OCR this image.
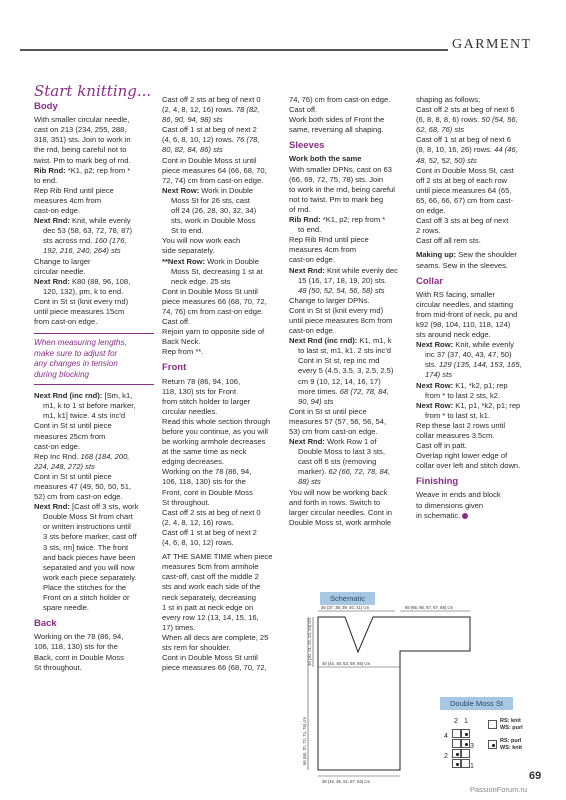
GARMENT
Start knitting...
Body

With smaller circular needle,

cast on 213 (234, 255, 288,

318, 351) sts. Join to work in

the rnd, being careful not to

twist. Pm to mark beg of rnd.

Rib Rnd: *K1, p2; rep from *

to end.

Rep Rib Rnd until piece

measures 4cm from

cast-on edge.

Next Rnd: Knit, while evenly

dec 53 (58, 63, 72, 78, 87)

sts across rnd. 160 (176,

192, 216, 240, 264) sts

Change to larger

circular needle.

Next Rnd: K80 (88, 96, 108,

120, 132), pm, k to end.

Cont in St st (knit every rnd)

until piece measures 15cm

from cast-on edge.

When measuring lengths,
make sure to adjust for
any changes in tension
during blocking

Next Rnd (inc rnd): [Sm, k1,

m1, k to 1 st before marker,

m1, k1] twice. 4 sts inc'd

Cont in St st until piece

measures 25cm from

cast-on edge.

Rep Inc Rnd. 168 (184, 200,

224, 248, 272) sts

Cont in St st until piece

measures 47 (49, 50, 50, 51,

52) cm from cast-on edge.

Next Rnd: [Cast off 3 sts, work

Double Moss St from chart

or written instructions until

3 sts before marker, cast off

3 sts, rm] twice. The front

and back pieces have been

separated and you will now

work each piece separately.

Place the stitches for the

Front on a stitch holder or

spare needle.

Back

Working on the 78 (86, 94,

106, 118, 130) sts for the

Back, cont in Double Moss

St throughout.

Cast off 2 sts at beg of next 0

(2, 4, 8, 12, 16) rows. 78 (82,

86, 90, 94, 98) sts

Cast off 1 st at beg of next 2

(4, 6, 8, 10, 12) rows. 76 (78,

80, 82, 84, 86) sts

Cont in Double Moss st until

piece measures 64 (66, 68, 70,

72, 74) cm from cast-on edge.

Next Row: Work in Double

Moss St for 26 sts, cast

off 24 (26, 28, 30, 32, 34)

sts, work in Double Moss

St to end.

You will now work each

side separately.

**Next Row: Work in Double

Moss St, decreasing 1 st at

neck edge. 25 sts

Cont in Double Moss St until

piece measures 66 (68, 70, 72,

74, 76) cm from cast-on edge.

Cast off.

Rejoin yarn to opposite side of

Back Neck.

Rep from **.

Front

Return 78 (86, 94, 106,

118, 130) sts for Front

from stitch holder to larger

circular needles.

Read this whole section through

before you continue, as you will

be working armhole decreases

at the same time as neck

edging decreases.

Working on the 78 (86, 94,

106, 118, 130) sts for the

Front, cont in Double Moss

St throughout.

Cast off 2 sts at beg of next 0

(2, 4, 8, 12, 16) rows.

Cast off 1 st at beg of next 2

(4, 6, 8, 10, 12) rows.

AT THE SAME TIME when piece

measures 5cm from armhole

cast-off, cast off the middle 2

sts and work each side of the

neck separately, decreasing

1 st in patt at neck edge on

every row 12 (13, 14, 15, 16,

17) times.

When all decs are complete, 25

sts rem for shoulder.

Cont in Double Moss St until

piece measures 66 (68, 70, 72,

74, 76) cm from cast-on edge.

Cast off.

Work both sides of Front the

same, reversing all shaping.

Sleeves

Work both the same

With smaller DPNs, cast on 63

(66, 69, 72, 75, 78) sts. Join

to work in the rnd, being careful

not to twist. Pm to mark beg

of rnd.

Rib Rnd: *K1, p2; rep from *

to end.

Rep Rib Rnd until piece

measures 4cm from

cast-on edge.

Next Rnd: Knit while evenly dec

15 (16, 17, 18, 19, 20) sts.

48 (50, 52, 54, 56, 58) sts

Change to larger DPNs.

Cont in St st (knit every rnd)

until piece measures 8cm from

cast-on edge.

Next Rnd (inc rnd): K1, m1, k

to last st, m1, k1. 2 sts inc'd

Cont in St st, rep inc rnd

every 5 (4.5, 3.5, 3, 2.5, 2.5)

cm 9 (10, 12, 14, 16, 17)

more times. 68 (72, 78, 84,

90, 94) sts

Cont in St st until piece

measures 57 (57, 56, 56, 54,

53) cm from cast-on edge.

Next Rnd: Work Row 1 of

Double Moss to last 3 sts,

cast off 6 sts (removing

marker). 62 (66, 72, 78, 84,

88) sts

You will now be working back

and forth in rows. Switch to

larger circular needles. Cont in

Double Moss st, work armhole

shaping as follows;

Cast off 2 sts at beg of next 6

(6, 8, 8, 8, 6) rows. 50 (54, 56,

62, 68, 76) sts

Cast off 1 st at beg of next 6

(8, 8, 10, 16, 26) rows. 44 (46,

48, 52, 52, 50) sts

Cont in Double Moss St, cast

off 2 sts at beg of each row

until piece measures 64 (65,

65, 66, 66, 67) cm from cast-

on edge.

Cast off 3 sts at beg of next

2 rows.

Cast off all rem sts.

Making up: Sew the shoulder

seams. Sew in the sleeves.

Collar

With RS facing, smaller

circular needles, and starting

from mid-front of neck, pu and

k92 (98, 104, 110, 118, 124)

sts around neck edge.

Next Row: Knit, while evenly

inc 37 (37, 40, 43, 47, 50)

sts. 129 (135, 144, 153, 165,

174) sts

Next Row: K1, *k2, p1; rep

from * to last 2 sts, k2.

Next Row: K1, p1, *k2, p1; rep

from * to last st, k1.

Rep these last 2 rows until

collar measures 3.5cm.

Cast off in patt.

Overlap right lower edge of

collar over left and stitch down.

Finishing

Weave in ends and block

to dimensions given

in schematic.

Schematic
36 (37, 38, 39, 40, 41) cm	65 (66, 66, 67, 67, 68) cm
40 (44, 48, 53, 59, 65) cm
38 (42, 46, 51, 57, 63) cm
66 (68, 70, 72, 74, 76) cm
19 (20, 21, 22, 23, 24) cm
Double Moss St
2 1
4
3
2
1
RS: knit
WS: purl
RS: purl
WS: knit
69
PassionForum.ru
